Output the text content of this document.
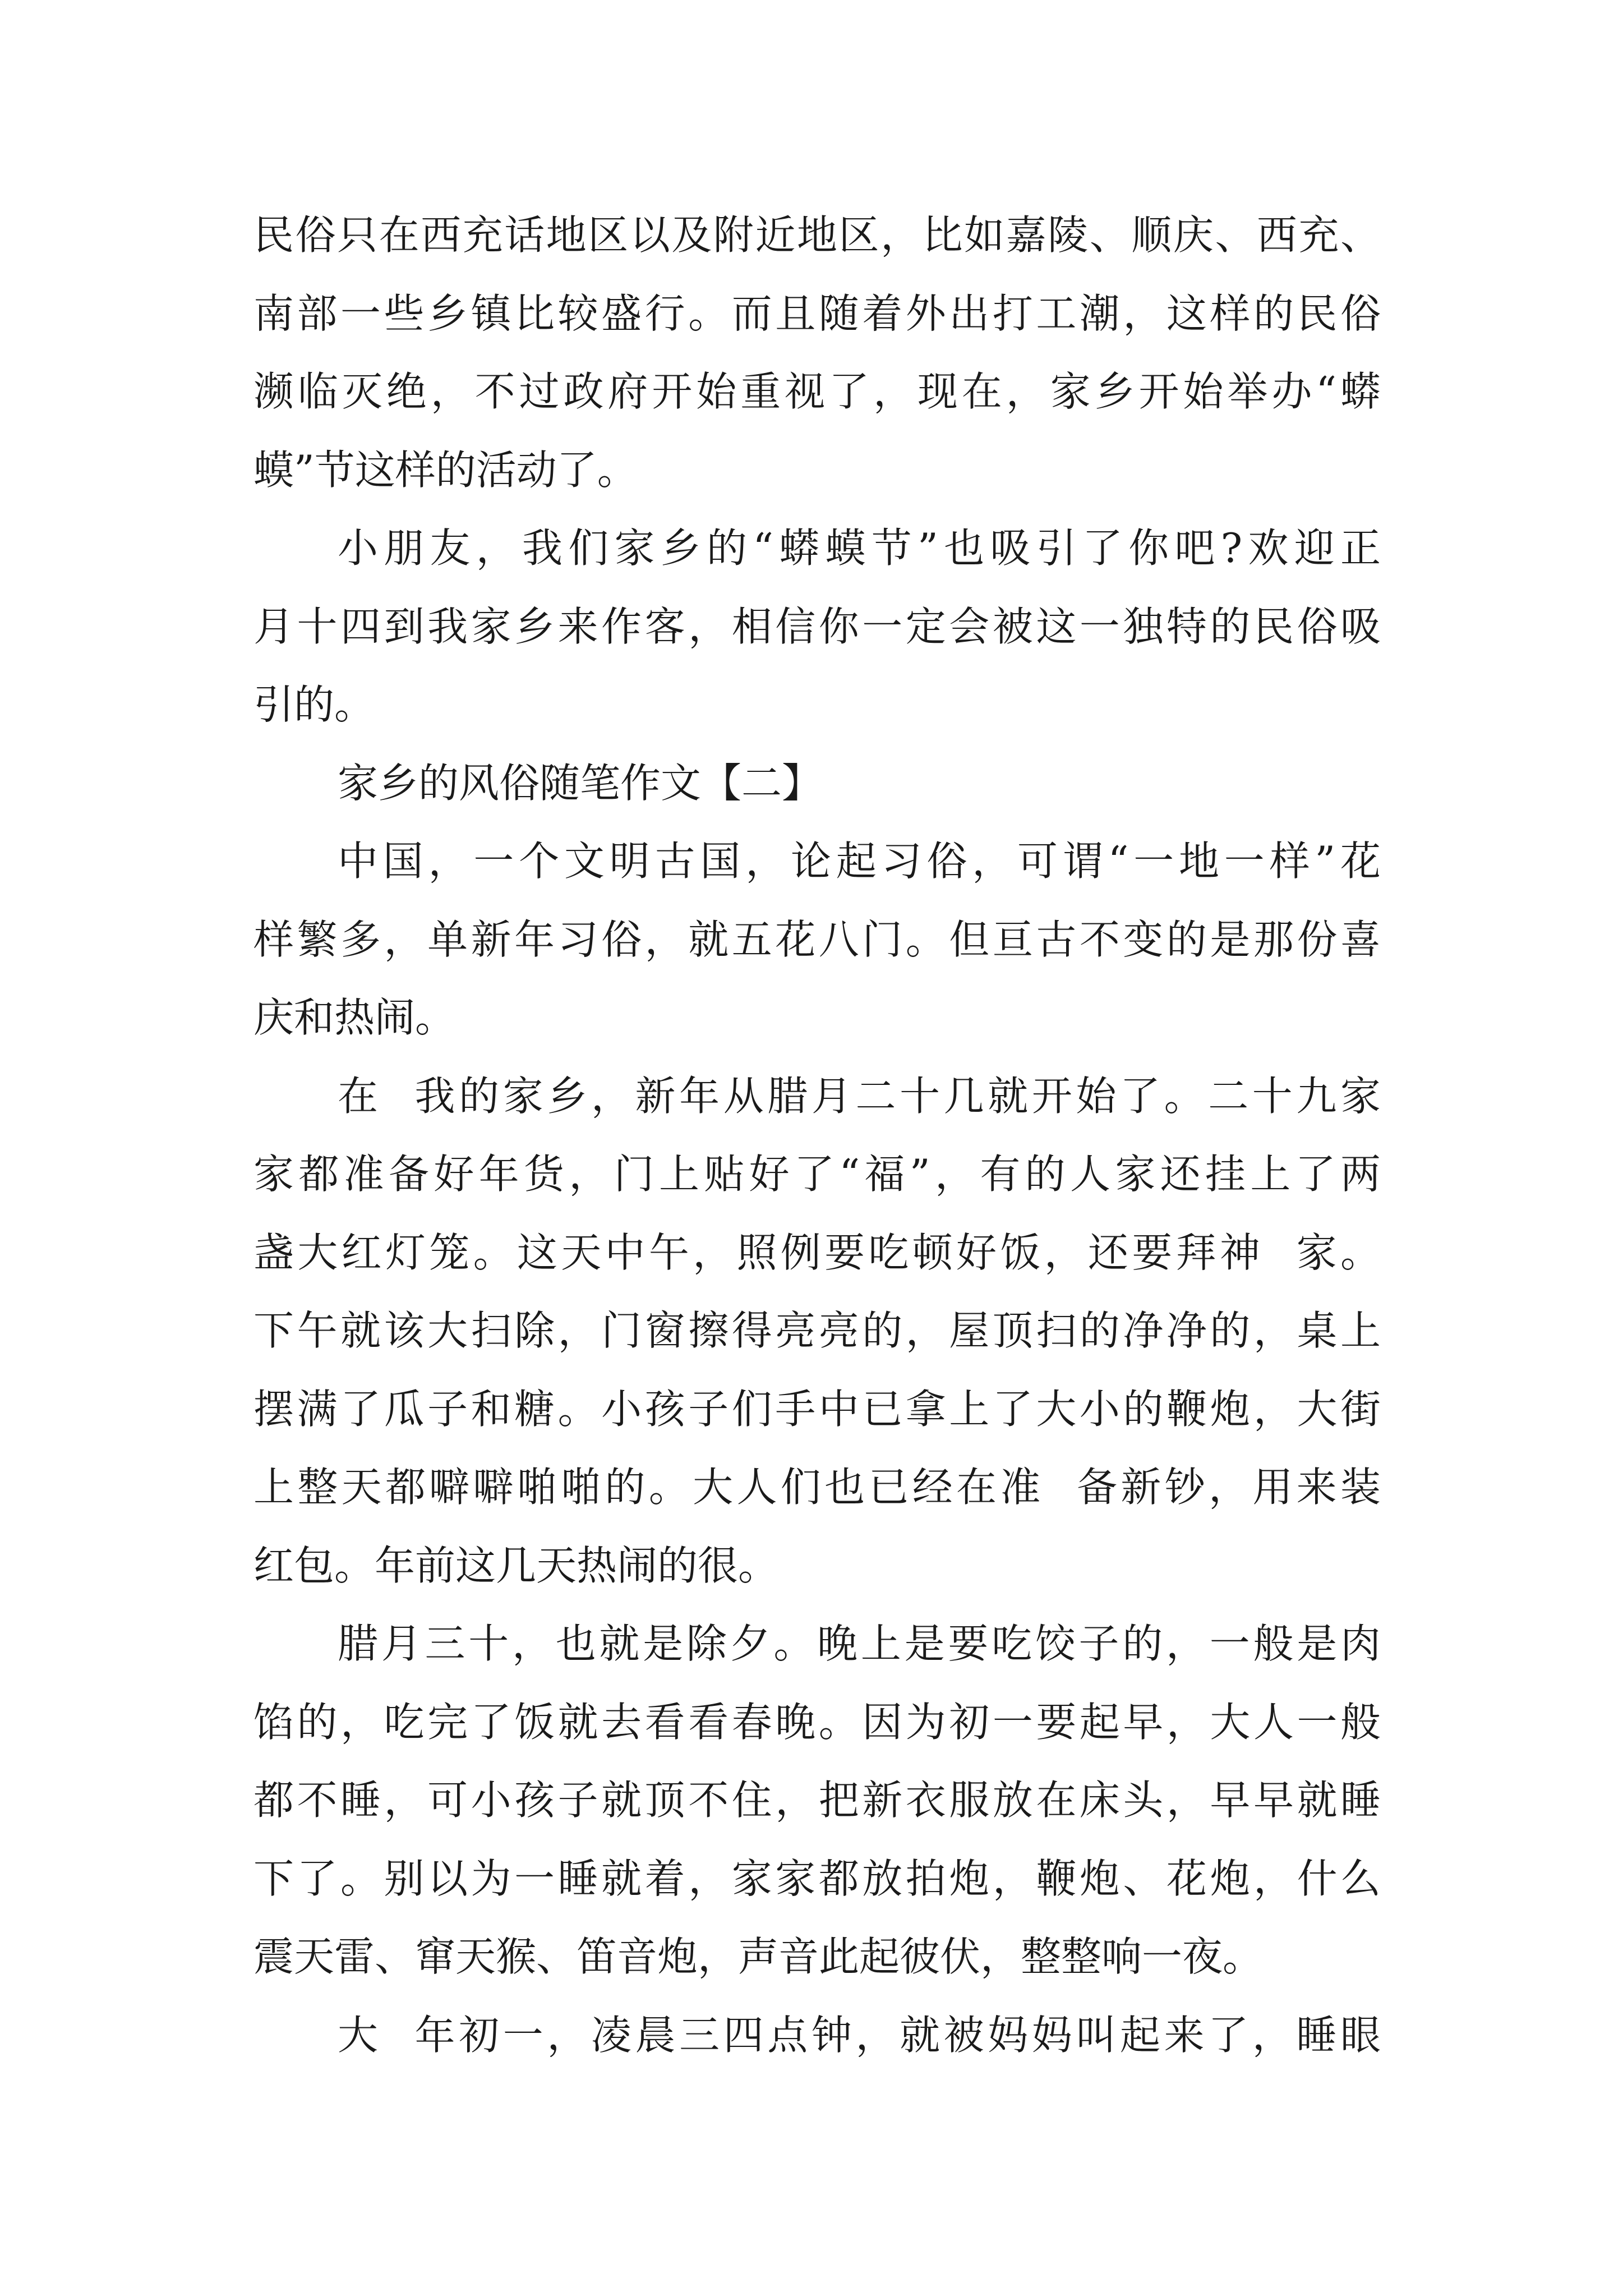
民俗只在西充话地区以及附近地区，比如嘉陵、顺庆、西充、
南部一些乡镇比较盛行。而且随着外出打工潮，这样的民俗
濒临灭绝，不过政府开始重视了，现在，家乡开始举办“蟒
蟆”节这样的活动了。
小朋友，我们家乡的“蟒蟆节”也吸引了你吧?欢迎正
月十四到我家乡来作客，相信你一定会被这一独特的民俗吸
引的。
家乡的风俗随笔作文【二】
中国，一个文明古国，论起习俗，可谓“一地一样”花
样繁多，单新年习俗，就五花八门。但亘古不变的是那份喜
庆和热闹。
在  我的家乡，新年从腊月二十几就开始了。二十九家
家都准备好年货，门上贴好了“福”，有的人家还挂上了两
盏大红灯笼。这天中午，照例要吃顿好饭，还要拜神  家。
下午就该大扫除，门窗擦得亮亮的，屋顶扫的净净的，桌上
摆满了瓜子和糖。小孩子们手中已拿上了大小的鞭炮，大街
上整天都噼噼啪啪的。大人们也已经在准  备新钞，用来装
红包。年前这几天热闹的很。
腊月三十，也就是除夕。晚上是要吃饺子的，一般是肉
馅的，吃完了饭就去看看春晚。因为初一要起早，大人一般
都不睡，可小孩子就顶不住，把新衣服放在床头，早早就睡
下了。别以为一睡就着，家家都放拍炮，鞭炮、花炮，什么
震天雷、窜天猴、笛音炮，声音此起彼伏，整整响一夜。
大  年初一，凌晨三四点钟，就被妈妈叫起来了，睡眼
